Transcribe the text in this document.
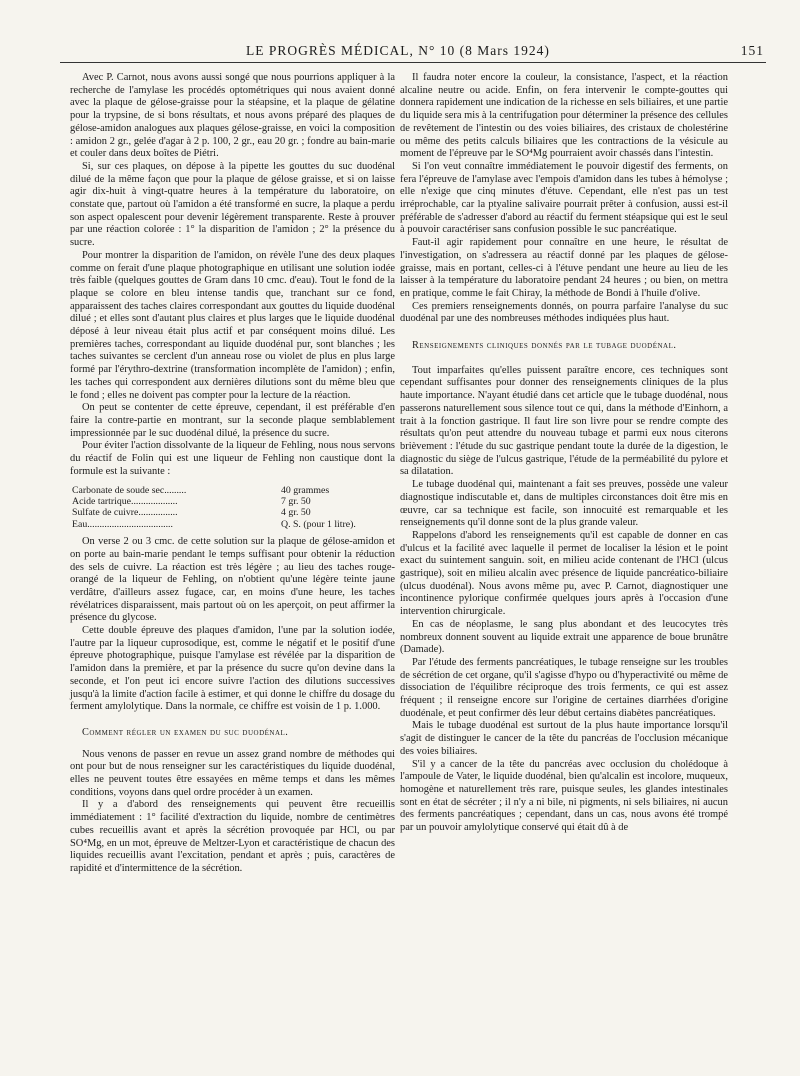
LE PROGRÈS MÉDICAL, N° 10 (8 Mars 1924)	151

Avec P. Carnot, nous avons aussi songé que nous pourrions appliquer à la recherche de l'amylase les procédés optométriques qui nous avaient donné avec la plaque de gélose-graisse pour la stéapsine, et la plaque de gélatine pour la trypsine, de si bons résultats, et nous avons préparé des plaques de gélose-amidon analogues aux plaques gélose-graisse, en voici la composition : amidon 2 gr., gelée d'agar à 2 p. 100, 2 gr., eau 20 gr. ; fondre au bain-marie et couler dans deux boîtes de Piétri.

Si, sur ces plaques, on dépose à la pipette les gouttes du suc duodénal dilué de la même façon que pour la plaque de gélose graisse, et si on laisse agir dix-huit à vingt-quatre heures à la température du laboratoire, on constate que, partout où l'amidon a été transformé en sucre, la plaque a perdu son aspect opalescent pour devenir légèrement transparente. Reste à prouver par une réaction colorée : 1° la disparition de l'amidon ; 2° la présence du sucre.

Pour montrer la disparition de l'amidon, on révèle l'une des deux plaques comme on ferait d'une plaque photographique en utilisant une solution iodée très faible (quelques gouttes de Gram dans 10 cmc. d'eau). Tout le fond de la plaque se colore en bleu intense tandis que, tranchant sur ce fond, apparaissent des taches claires correspondant aux gouttes du liquide duodénal dilué ; et elles sont d'autant plus claires et plus larges que le liquide duodénal déposé à leur niveau était plus actif et par conséquent moins dilué. Les premières taches, correspondant au liquide duodénal pur, sont blanches ; les taches suivantes se cerclent d'un anneau rose ou violet de plus en plus large formé par l'érythro-dextrine (transformation incomplète de l'amidon) ; enfin, les taches qui correspondent aux dernières dilutions sont du même bleu que le fond ; elles ne doivent pas compter pour la lecture de la réaction.

On peut se contenter de cette épreuve, cependant, il est préférable d'en faire la contre-partie en montrant, sur la seconde plaque semblablement impressionnée par le suc duodénal dilué, la présence du sucre.

Pour éviter l'action dissolvante de la liqueur de Fehling, nous nous servons du réactif de Folin qui est une liqueur de Fehling non caustique dont la formule est la suivante :

Carbonate de soude sec.........	40 grammes
Acide tartrique...................	7 gr. 50
Sulfate de cuivre................	4 gr. 50
Eau...................................	Q. S. (pour 1 litre).

On verse 2 ou 3 cmc. de cette solution sur la plaque de gélose-amidon et on porte au bain-marie pendant le temps suffisant pour obtenir la réduction des sels de cuivre. La réaction est très légère ; au lieu des taches rouge-orangé de la liqueur de Fehling, on n'obtient qu'une légère teinte jaune verdâtre, d'ailleurs assez fugace, car, en moins d'une heure, les taches révélatrices disparaissent, mais partout où on les aperçoit, on peut affirmer la présence du glycose.

Cette double épreuve des plaques d'amidon, l'une par la solution iodée, l'autre par la liqueur cuprosodique, est, comme le négatif et le positif d'une épreuve photographique, puisque l'amylase est révélée par la disparition de l'amidon dans la première, et par la présence du sucre qu'on devine dans la seconde, et l'on peut ici encore suivre l'action des dilutions successives jusqu'à la limite d'action facile à estimer, et qui donne le chiffre du dosage du ferment amylolytique. Dans la normale, ce chiffre est voisin de 1 p. 1.000.

Comment régler un examen du suc duodénal.

Nous venons de passer en revue un assez grand nombre de méthodes qui ont pour but de nous renseigner sur les caractéristiques du liquide duodénal, elles ne peuvent toutes être essayées en même temps et dans les mêmes conditions, voyons dans quel ordre procéder à un examen.

Il y a d'abord des renseignements qui peuvent être recueillis immédiatement : 1° facilité d'extraction du liquide, nombre de centimètres cubes recueillis avant et après la sécrétion provoquée par HCl, ou par SO⁴Mg, en un mot, épreuve de Meltzer-Lyon et caractéristique de chacun des liquides recueillis avant l'excitation, pendant et après ; puis, caractères de rapidité et d'intermittence de la sécrétion.

Il faudra noter encore la couleur, la consistance, l'aspect, et la réaction alcaline neutre ou acide. Enfin, on fera intervenir le compte-gouttes qui donnera rapidement une indication de la richesse en sels biliaires, et une partie du liquide sera mis à la centrifugation pour déterminer la présence des cellules de revêtement de l'intestin ou des voies biliaires, des cristaux de cholestérine ou même des petits calculs biliaires que les contractions de la vésicule au moment de l'épreuve par le SO⁴Mg pourraient avoir chassés dans l'intestin.

Si l'on veut connaître immédiatement le pouvoir digestif des ferments, on fera l'épreuve de l'amylase avec l'empois d'amidon dans les tubes à hémolyse ; elle n'exige que cinq minutes d'étuve. Cependant, elle n'est pas un test irréprochable, car la ptyaline salivaire pourrait prêter à confusion, aussi est-il préférable de s'adresser d'abord au réactif du ferment stéapsique qui est le seul à pouvoir caractériser sans confusion possible le suc pancréatique.

Faut-il agir rapidement pour connaître en une heure, le résultat de l'investigation, on s'adressera au réactif donné par les plaques de gélose-graisse, mais en portant, celles-ci à l'étuve pendant une heure au lieu de les laisser à la température du laboratoire pendant 24 heures ; ou bien, on mettra en pratique, comme le fait Chiray, la méthode de Bondi à l'huile d'olive.

Ces premiers renseignements donnés, on pourra parfaire l'analyse du suc duodénal par une des nombreuses méthodes indiquées plus haut.

Renseignements cliniques donnés par le tubage duodénal.

Tout imparfaites qu'elles puissent paraître encore, ces techniques sont cependant suffisantes pour donner des renseignements cliniques de la plus haute importance. N'ayant étudié dans cet article que le tubage duodénal, nous passerons naturellement sous silence tout ce qui, dans la méthode d'Einhorn, a trait à la fonction gastrique. Il faut lire son livre pour se rendre compte des résultats qu'on peut attendre du nouveau tubage et parmi eux nous citerons brièvement : l'étude du suc gastrique pendant toute la durée de la digestion, le diagnostic du siège de l'ulcus gastrique, l'étude de la perméabilité du pylore et sa dilatation.

Le tubage duodénal qui, maintenant a fait ses preuves, possède une valeur diagnostique indiscutable et, dans de multiples circonstances doit être mis en œuvre, car sa technique est facile, son innocuité est remarquable et les renseignements qu'il donne sont de la plus grande valeur.

Rappelons d'abord les renseignements qu'il est capable de donner en cas d'ulcus et la facilité avec laquelle il permet de localiser la lésion et le point exact du suintement sanguin. soit, en milieu acide contenant de l'HCl (ulcus gastrique), soit en milieu alcalin avec présence de liquide pancréatico-biliaire (ulcus duodénal). Nous avons même pu, avec P. Carnot, diagnostiquer une incontinence pylorique confirmée quelques jours après à l'occasion d'une intervention chirurgicale.

En cas de néoplasme, le sang plus abondant et des leucocytes très nombreux donnent souvent au liquide extrait une apparence de boue brunâtre (Damade).

Par l'étude des ferments pancréatiques, le tubage renseigne sur les troubles de sécrétion de cet organe, qu'il s'agisse d'hypo ou d'hyperactivité ou même de dissociation de l'équilibre réciproque des trois ferments, ce qui est assez fréquent ; il renseigne encore sur l'origine de certaines diarrhées d'origine duodénale, et peut confirmer dès leur début certains diabètes pancréatiques.

Mais le tubage duodénal est surtout de la plus haute importance lorsqu'il s'agit de distinguer le cancer de la tête du pancréas de l'occlusion mécanique des voies biliaires.

S'il y a cancer de la tête du pancréas avec occlusion du cholédoque à l'ampoule de Vater, le liquide duodénal, bien qu'alcalin est incolore, muqueux, homogène et naturellement très rare, puisque seules, les glandes intestinales sont en état de sécréter ; il n'y a ni bile, ni pigments, ni sels biliaires, ni aucun des ferments pancréatiques ; cependant, dans un cas, nous avons été trompé par un pouvoir amylolytique conservé qui était dû à de
